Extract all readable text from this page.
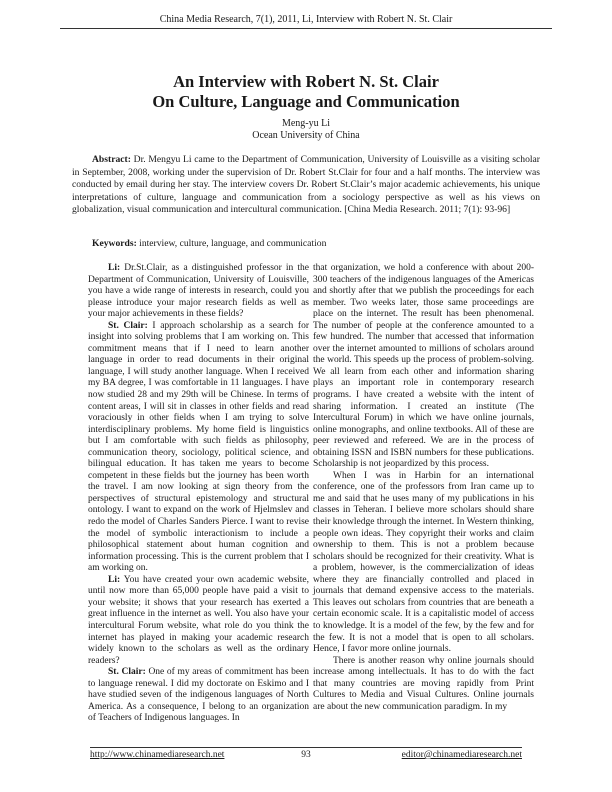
China Media Research, 7(1), 2011, Li, Interview with Robert N. St. Clair
An Interview with Robert N. St. Clair
On Culture, Language and Communication
Meng-yu Li
Ocean University of China

Abstract: Dr. Mengyu Li came to the Department of Communication, University of Louisville as a visiting scholar in September, 2008, working under the supervision of Dr. Robert St.Clair for four and a half months. The interview was conducted by email during her stay. The interview covers Dr. Robert St.Clair’s major academic achievements, his unique interpretations of culture, language and communication from a sociology perspective as well as his views on globalization, visual communication and intercultural communication. [China Media Research. 2011; 7(1): 93-96]

Keywords: interview, culture, language, and communication

Li: Dr.St.Clair, as a distinguished professor in the Department of Communication, University of Louisville, you have a wide range of interests in research, could you please introduce your major research fields as well as your major achievements in these fields?

St. Clair: I approach scholarship as a search for insight into solving problems that I am working on. This commitment means that if I need to learn another language in order to read documents in their original language, I will study another language. When I received my BA degree, I was comfortable in 11 languages. I have now studied 28 and my 29th will be Chinese. In terms of content areas, I will sit in classes in other fields and read voraciously in other fields when I am trying to solve interdisciplinary problems. My home field is linguistics but I am comfortable with such fields as philosophy, communication theory, sociology, political science, and bilingual education. It has taken me years to become competent in these fields but the journey has been worth the travel. I am now looking at sign theory from the perspectives of structural epistemology and structural ontology. I want to expand on the work of Hjelmslev and redo the model of Charles Sanders Pierce. I want to revise the model of symbolic interactionism to include a philosophical statement about human cognition and information processing. This is the current problem that I am working on.

Li: You have created your own academic website, until now more than 65,000 people have paid a visit to your website; it shows that your research has exerted a great influence in the internet as well. You also have your intercultural Forum website, what role do you think the internet has played in making your academic research widely known to the scholars as well as the ordinary readers?

St. Clair: One of my areas of commitment has been to language renewal. I did my doctorate on Eskimo and I have studied seven of the indigenous languages of North America. As a consequence, I belong to an organization of Teachers of Indigenous languages. In

that organization, we hold a conference with about 200-300 teachers of the indigenous languages of the Americas and shortly after that we publish the proceedings for each member. Two weeks later, those same proceedings are place on the internet. The result has been phenomenal. The number of people at the conference amounted to a few hundred. The number that accessed that information over the internet amounted to millions of scholars around the world. This speeds up the process of problem-solving. We all learn from each other and information sharing plays an important role in contemporary research programs. I have created a website with the intent of sharing information. I created an institute (The Intercultural Forum) in which we have online journals, online monographs, and online textbooks. All of these are peer reviewed and refereed. We are in the process of obtaining ISSN and ISBN numbers for these publications. Scholarship is not jeopardized by this process.

When I was in Harbin for an international conference, one of the professors from Iran came up to me and said that he uses many of my publications in his classes in Teheran. I believe more scholars should share their knowledge through the internet. In Western thinking, people own ideas. They copyright their works and claim ownership to them. This is not a problem because scholars should be recognized for their creativity. What is a problem, however, is the commercialization of ideas where they are financially controlled and placed in journals that demand expensive access to the materials. This leaves out scholars from countries that are beneath a certain economic scale. It is a capitalistic model of access to knowledge. It is a model of the few, by the few and for the few. It is not a model that is open to all scholars. Hence, I favor more online journals.

There is another reason why online journals should increase among intellectuals. It has to do with the fact that many countries are moving rapidly from Print Cultures to Media and Visual Cultures. Online journals are about the new communication paradigm. In my

http://www.chinamediaresearch.net	93	editor@chinamediaresearch.net
